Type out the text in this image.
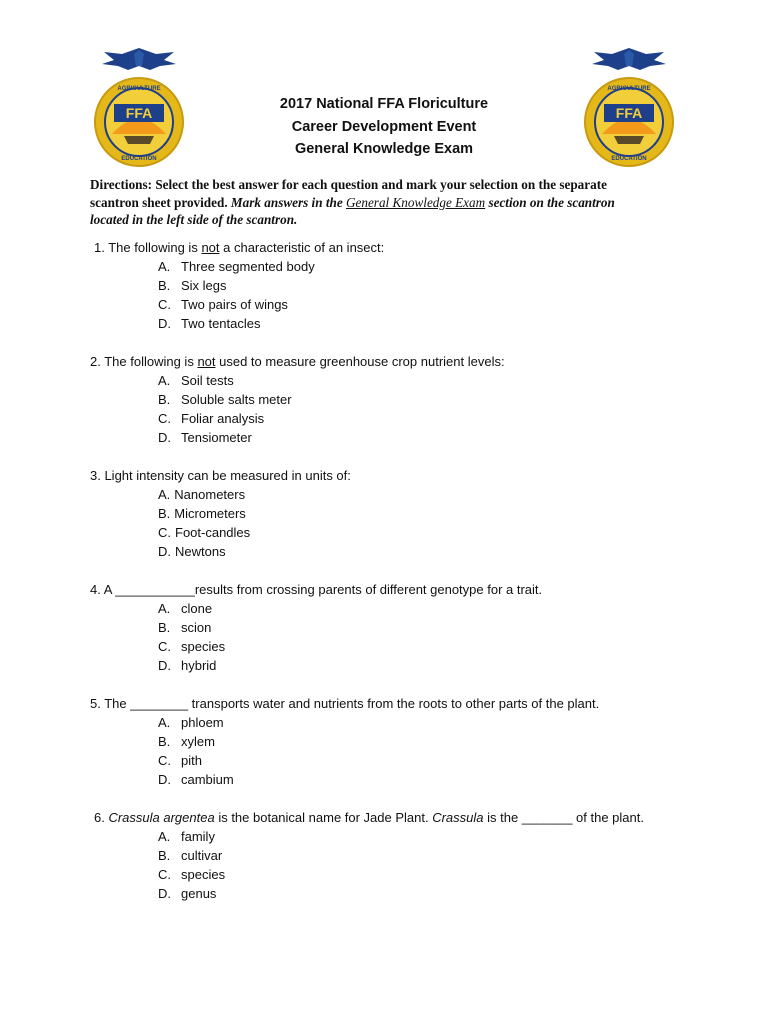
FFA
AGRICULTURE
EDUCATION
FFA
AGRICULTURE
EDUCATION
2017 National FFA Floriculture
Career Development Event
General Knowledge Exam
Directions: Select the best answer for each question and mark your selection on the separate scantron sheet provided. Mark answers in the General Knowledge Exam section on the scantron located in the left side of the scantron.
1. The following is not a characteristic of an insect:
A. Three segmented body
B. Six legs
C. Two pairs of wings
D. Two tentacles
2. The following is not used to measure greenhouse crop nutrient levels:
A. Soil tests
B. Soluble salts meter
C. Foliar analysis
D. Tensiometer
3. Light intensity can be measured in units of:
A. Nanometers
B. Micrometers
C. Foot-candles
D. Newtons
4. A ___________results from crossing parents of different genotype for a trait.
A. clone
B. scion
C. species
D. hybrid
5. The ________ transports water and nutrients from the roots to other parts of the plant.
A. phloem
B. xylem
C. pith
D. cambium
6. Crassula argentea is the botanical name for Jade Plant. Crassula is the _______ of the plant.
A. family
B. cultivar
C. species
D. genus
